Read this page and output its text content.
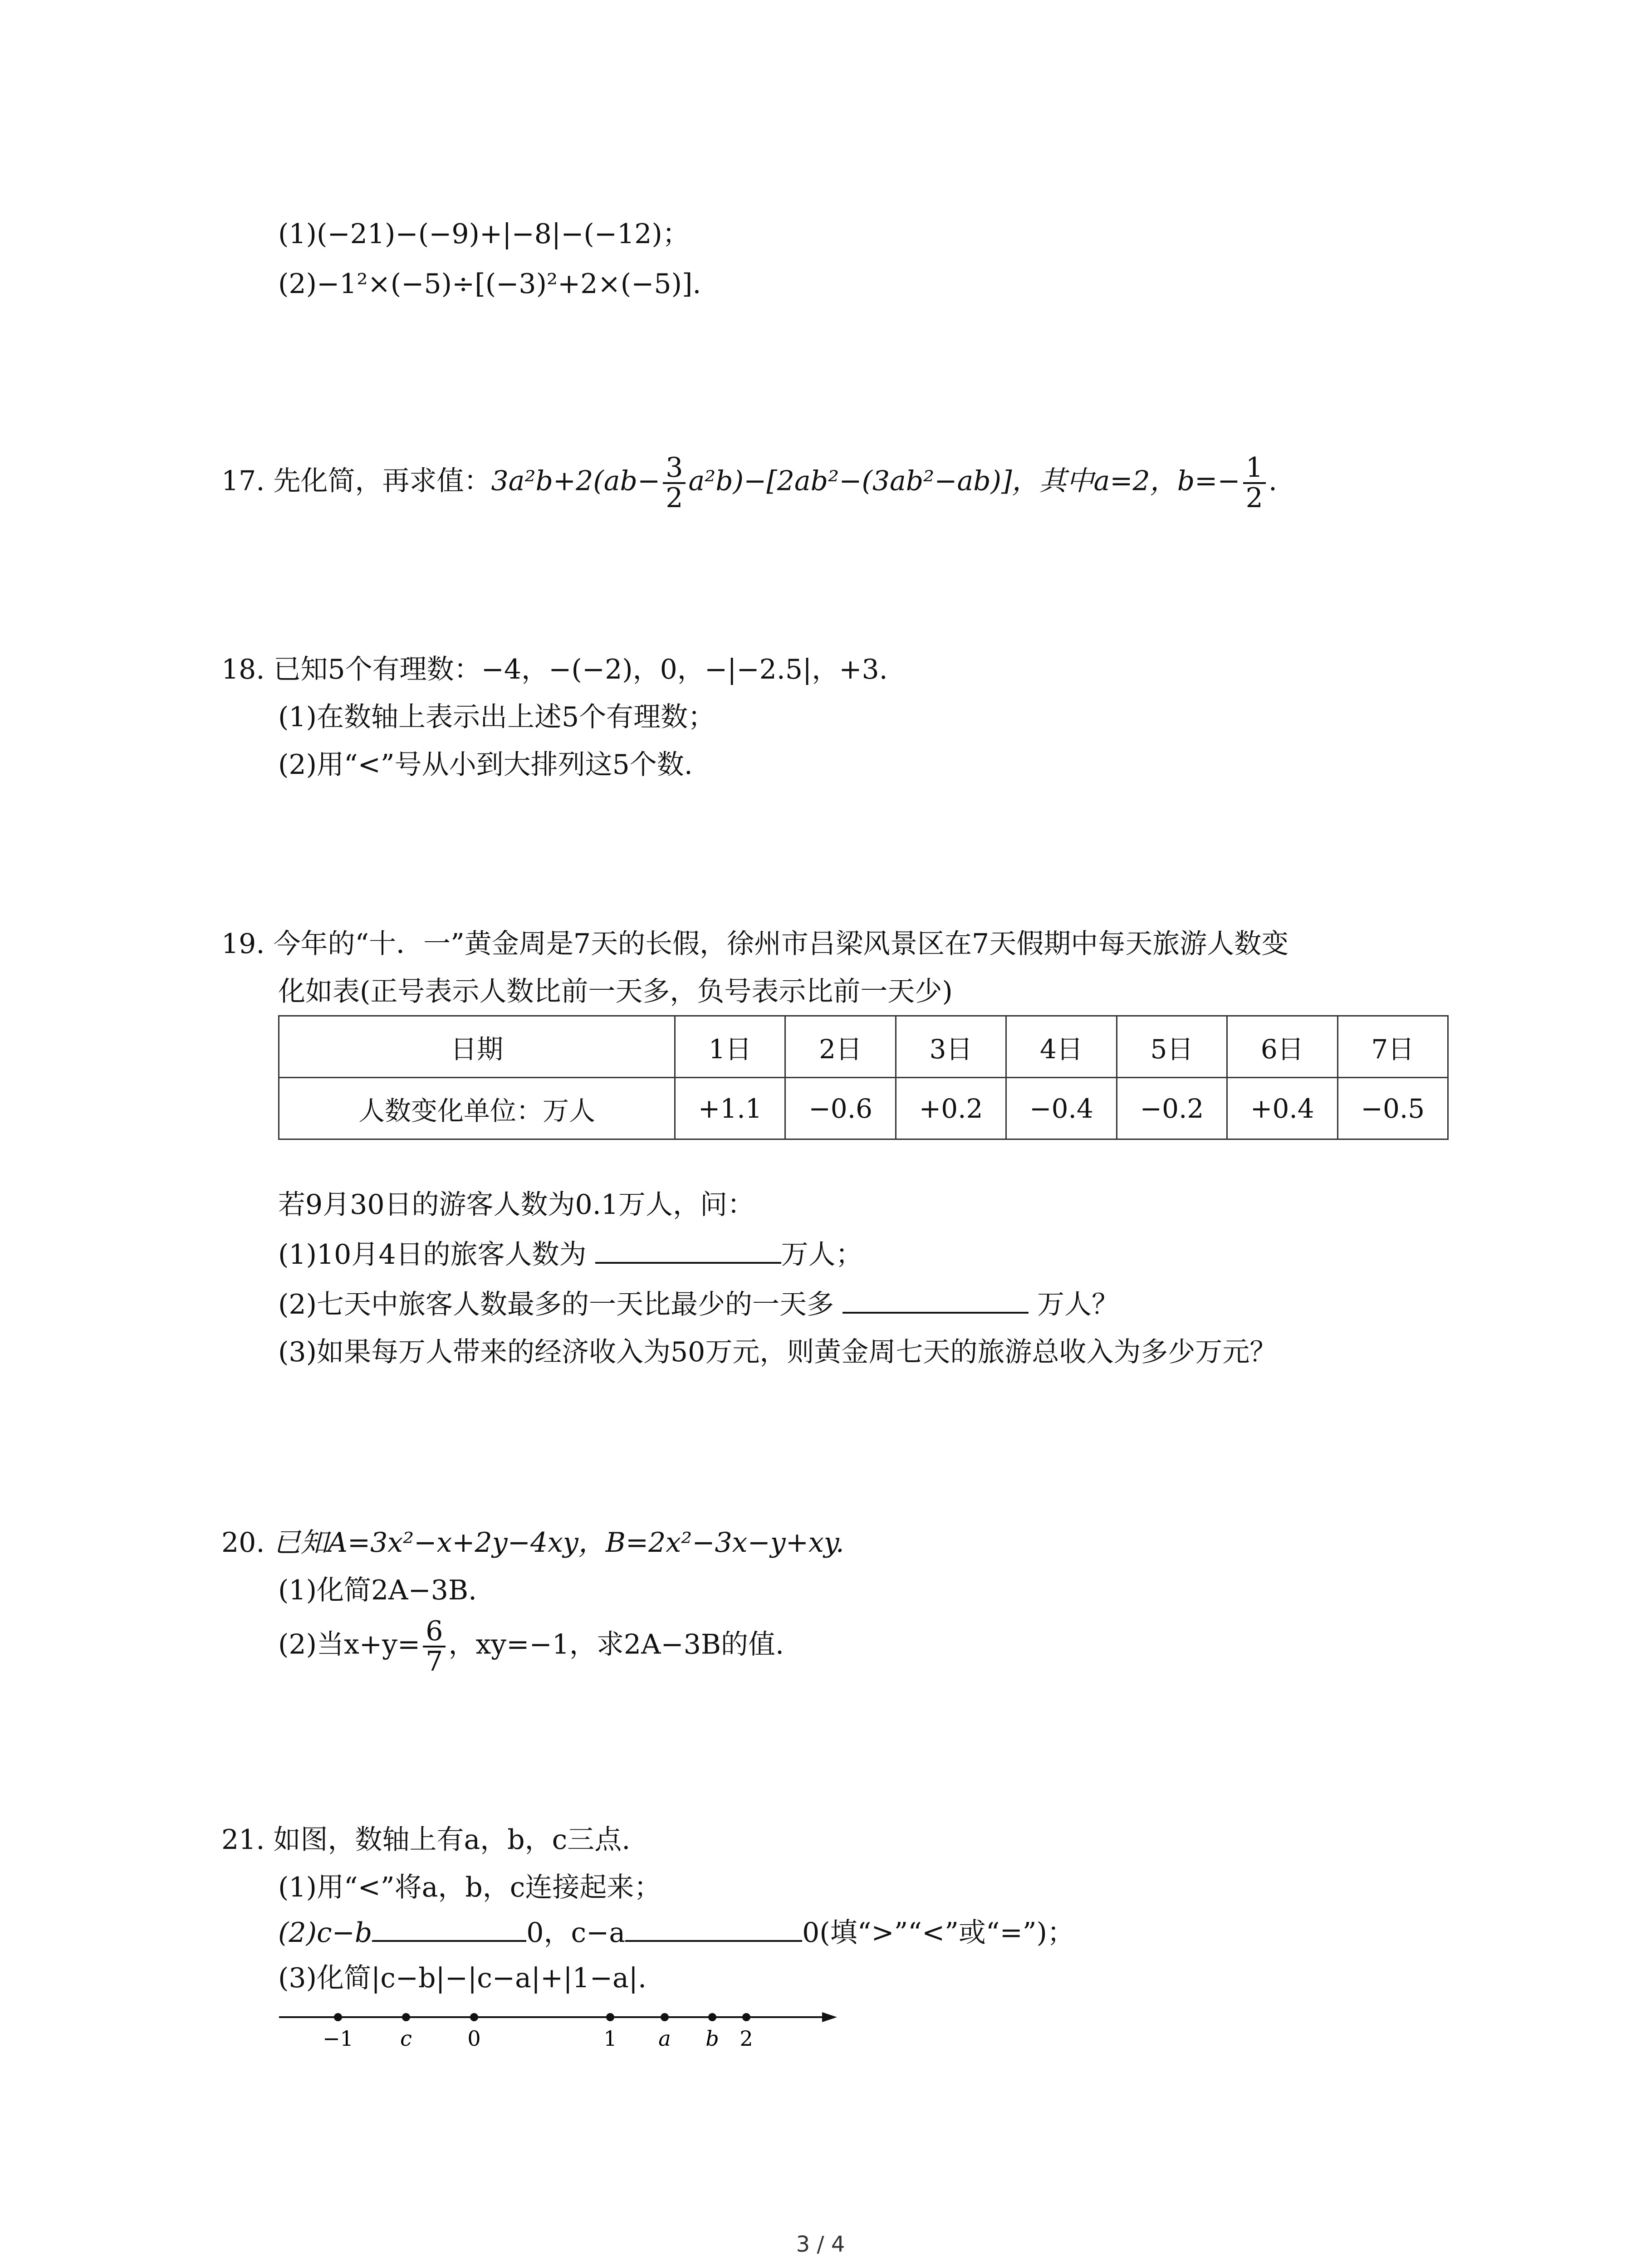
(1)(−21)−(−9)+|−8|−(−12)；
(2)−1²×(−5)÷[(−3)²+2×(−5)].
17. 先化简，再求值：$3a^2b+2(ab- \frac{3}{2} a^2b)-[2ab^2-(3ab^2-ab)]$，其中a=2，$b=- \frac{1}{2}$ .
18. 已知5个有理数：−4，−(−2)，0，−|−2.5|，+3.
(1)在数轴上表示出上述5个有理数；
(2)用“<”号从小到大排列这5个数.
19. 今年的“十．一”黄金周是7天的长假，徐州市吕梁风景区在7天假期中每天旅游人数变
化如表(正号表示人数比前一天多，负号表示比前一天少)
日期	1日	2日	3日	4日	5日	6日	7日
人数变化单位：万人	+1.1	−0.6	+0.2	−0.4	−0.2	+0.4	−0.5
若9月30日的游客人数为0.1万人，问：
(1)10月4日的旅客人数为	万人；
(2)七天中旅客人数最多的一天比最少的一天多	万人？
(3)如果每万人带来的经济收入为50万元，则黄金周七天的旅游总收入为多少万元？
20. 已知A=3x²−x+2y−4xy，B=2x²−3x−y+xy.
(1)化简2A−3B.
(2)当$x+y= \frac{6}{7}$ ，xy=−1，求2A−3B的值.
21. 如图，数轴上有a，b，c三点.
(1)用“<”将a，b，c连接起来；
(2)c−b	0，c−a	0(填“>”“<”或“=”)；
(3)化简|c−b|−|c−a|+|1−a|.
−1 c	0	1 a b 2
3 / 4
